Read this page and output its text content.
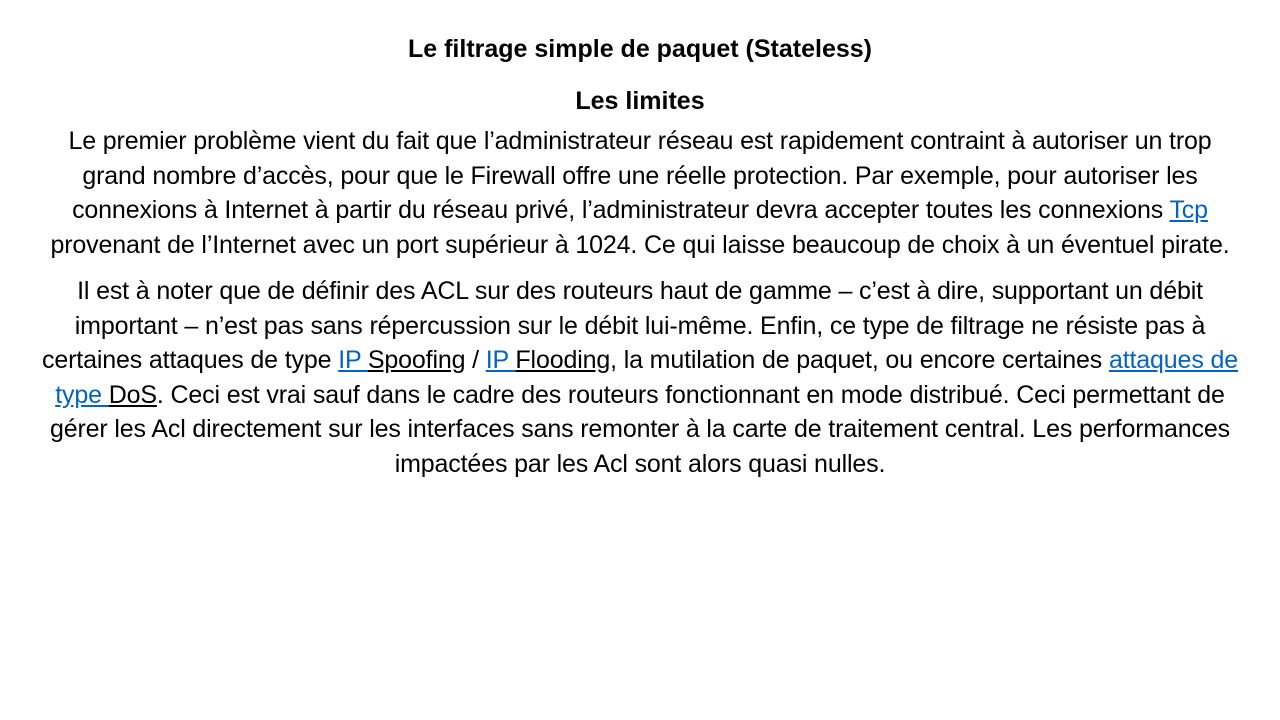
Le filtrage simple de paquet (Stateless)
Les limites

Le premier problème vient du fait que l’administrateur réseau est rapidement contraint à autoriser un trop grand nombre d’accès, pour que le Firewall offre une réelle protection. Par exemple, pour autoriser les connexions à Internet à partir du réseau privé, l’administrateur devra accepter toutes les connexions Tcp provenant de l’Internet avec un port supérieur à 1024. Ce qui laisse beaucoup de choix à un éventuel pirate.

Il est à noter que de définir des ACL sur des routeurs haut de gamme – c’est à dire, supportant un débit important – n’est pas sans répercussion sur le débit lui-même. Enfin, ce type de filtrage ne résiste pas à certaines attaques de type IP Spoofing / IP Flooding, la mutilation de paquet, ou encore certaines attaques de type DoS. Ceci est vrai sauf dans le cadre des routeurs fonctionnant en mode distribué. Ceci permettant de gérer les Acl directement sur les interfaces sans remonter à la carte de traitement central. Les performances impactées par les Acl sont alors quasi nulles.
